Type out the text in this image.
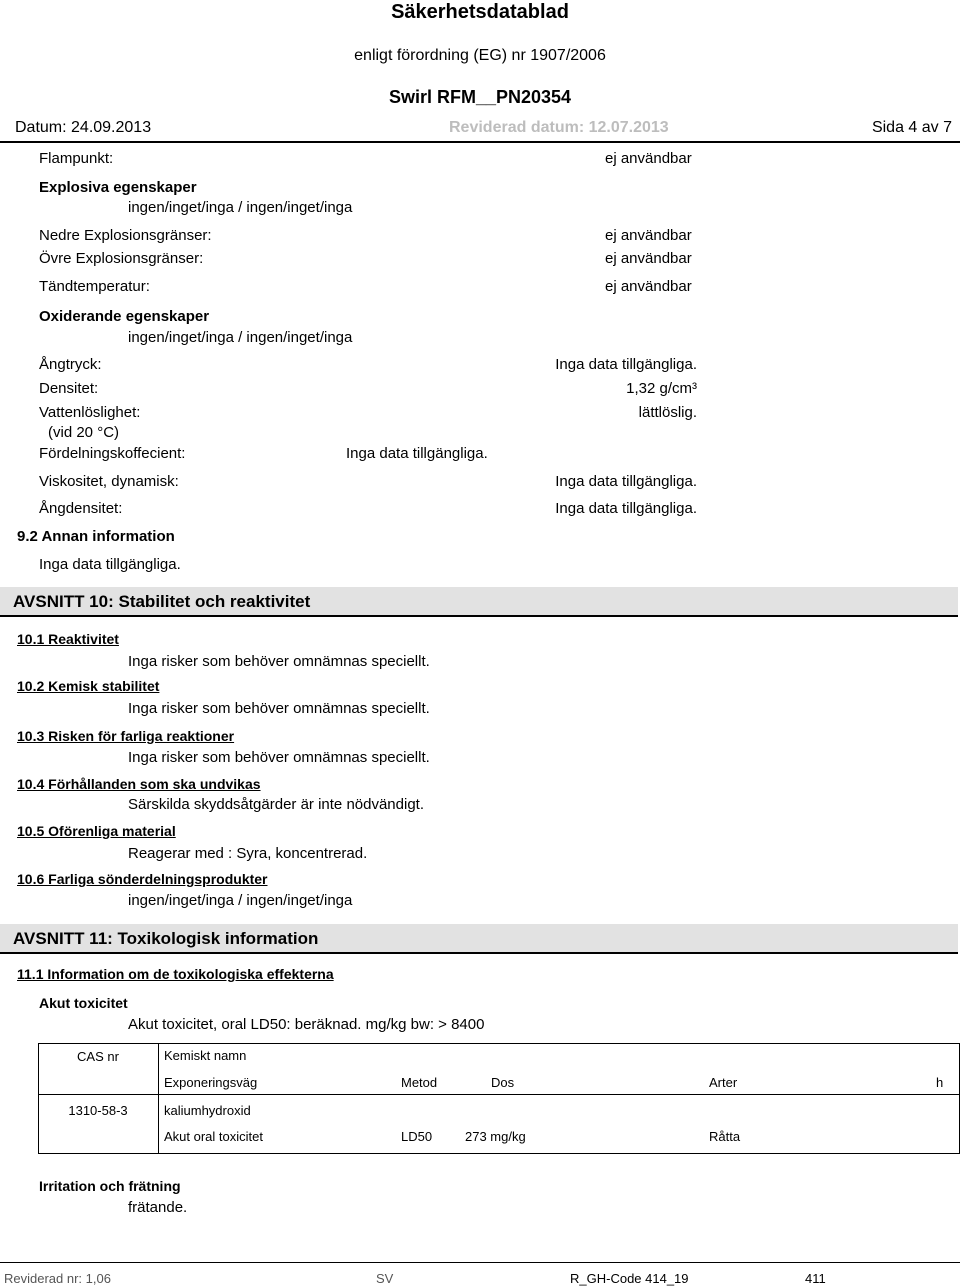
Säkerhetsdatablad
enligt förordning (EG) nr 1907/2006
Swirl RFM__PN20354
Datum: 24.09.2013	Reviderad datum: 12.07.2013	Sida 4 av 7
Flampunkt:	ej användbar
Explosiva egenskaper
ingen/inget/inga / ingen/inget/inga
Nedre Explosionsgränser:	ej användbar
Övre Explosionsgränser:	ej användbar
Tändtemperatur:	ej användbar
Oxiderande egenskaper
ingen/inget/inga / ingen/inget/inga
Ångtryck:	Inga data tillgängliga.
Densitet:	1,32 g/cm³
Vattenlöslighet:	lättlöslig.
(vid 20 °C)
Fördelningskoffecient:	Inga data tillgängliga.
Viskositet, dynamisk:	Inga data tillgängliga.
Ångdensitet:	Inga data tillgängliga.
9.2 Annan information
Inga data tillgängliga.
AVSNITT 10: Stabilitet och reaktivitet
10.1 Reaktivitet
Inga risker som behöver omnämnas speciellt.
10.2 Kemisk stabilitet
Inga risker som behöver omnämnas speciellt.
10.3 Risken för farliga reaktioner
Inga risker som behöver omnämnas speciellt.
10.4 Förhållanden som ska undvikas
Särskilda skyddsåtgärder är inte nödvändigt.
10.5 Oförenliga material
Reagerar med : Syra, koncentrerad.
10.6 Farliga sönderdelningsprodukter
ingen/inget/inga / ingen/inget/inga
AVSNITT 11: Toxikologisk information
11.1 Information om de toxikologiska effekterna
Akut toxicitet
Akut toxicitet, oral LD50: beräknad. mg/kg bw: > 8400
CAS nr	Kemiskt namn
Exponeringsväg	Metod	Dos	Arter	h
1310-58-3	kaliumhydroxid
Akut oral toxicitet	LD50	273 mg/kg	Råtta
Irritation och frätning
frätande.
Reviderad nr: 1,06	SV	R_GH-Code 414_19	411
